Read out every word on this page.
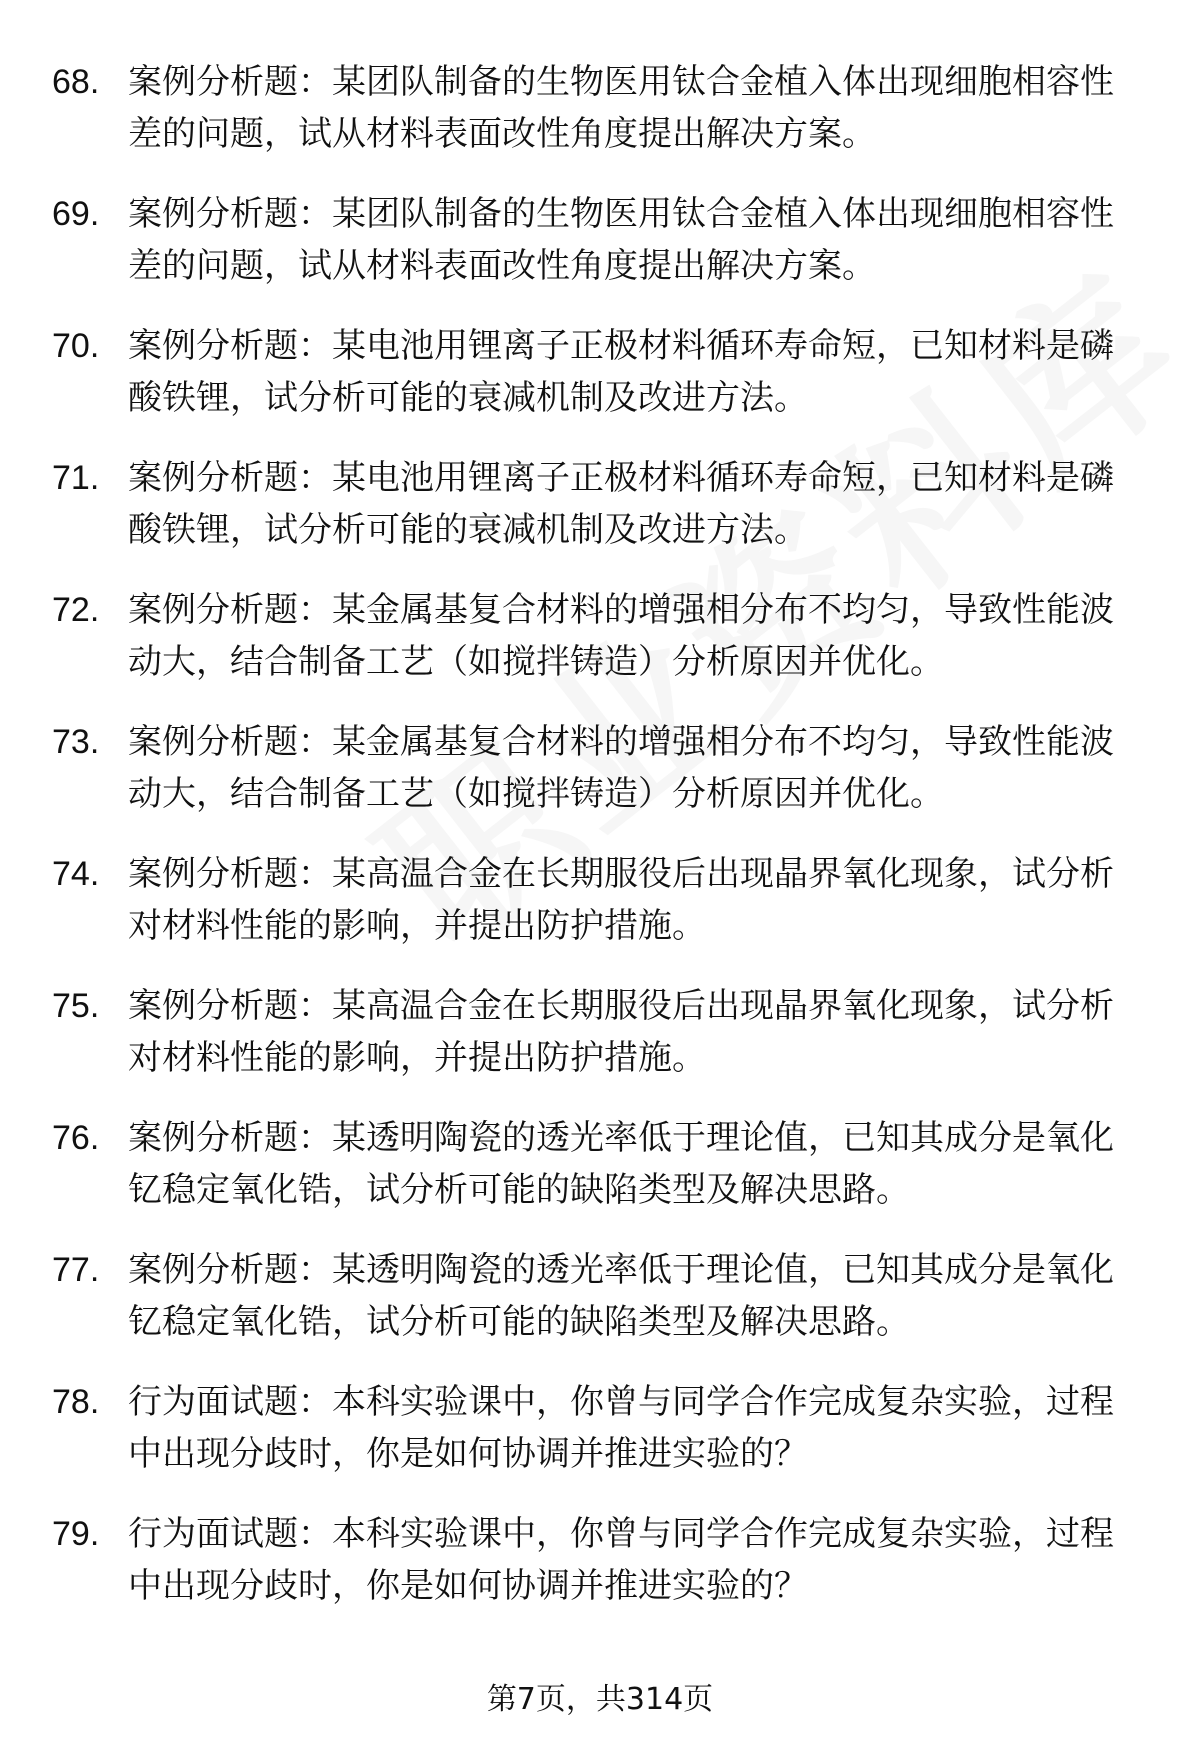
68. 案例分析题：某团队制备的生物医用钛合金植入体出现细胞相容性差的问题，试从材料表面改性角度提出解决方案。
69. 案例分析题：某团队制备的生物医用钛合金植入体出现细胞相容性差的问题，试从材料表面改性角度提出解决方案。
70. 案例分析题：某电池用锂离子正极材料循环寿命短，已知材料是磷酸铁锂，试分析可能的衰减机制及改进方法。
71. 案例分析题：某电池用锂离子正极材料循环寿命短，已知材料是磷酸铁锂，试分析可能的衰减机制及改进方法。
72. 案例分析题：某金属基复合材料的增强相分布不均匀，导致性能波动大，结合制备工艺（如搅拌铸造）分析原因并优化。
73. 案例分析题：某金属基复合材料的增强相分布不均匀，导致性能波动大，结合制备工艺（如搅拌铸造）分析原因并优化。
74. 案例分析题：某高温合金在长期服役后出现晶界氧化现象，试分析对材料性能的影响，并提出防护措施。
75. 案例分析题：某高温合金在长期服役后出现晶界氧化现象，试分析对材料性能的影响，并提出防护措施。
76. 案例分析题：某透明陶瓷的透光率低于理论值，已知其成分是氧化钇稳定氧化锆，试分析可能的缺陷类型及解决思路。
77. 案例分析题：某透明陶瓷的透光率低于理论值，已知其成分是氧化钇稳定氧化锆，试分析可能的缺陷类型及解决思路。
78. 行为面试题：本科实验课中，你曾与同学合作完成复杂实验，过程中出现分歧时，你是如何协调并推进实验的？
79. 行为面试题：本科实验课中，你曾与同学合作完成复杂实验，过程中出现分歧时，你是如何协调并推进实验的？
第7页，共314页
